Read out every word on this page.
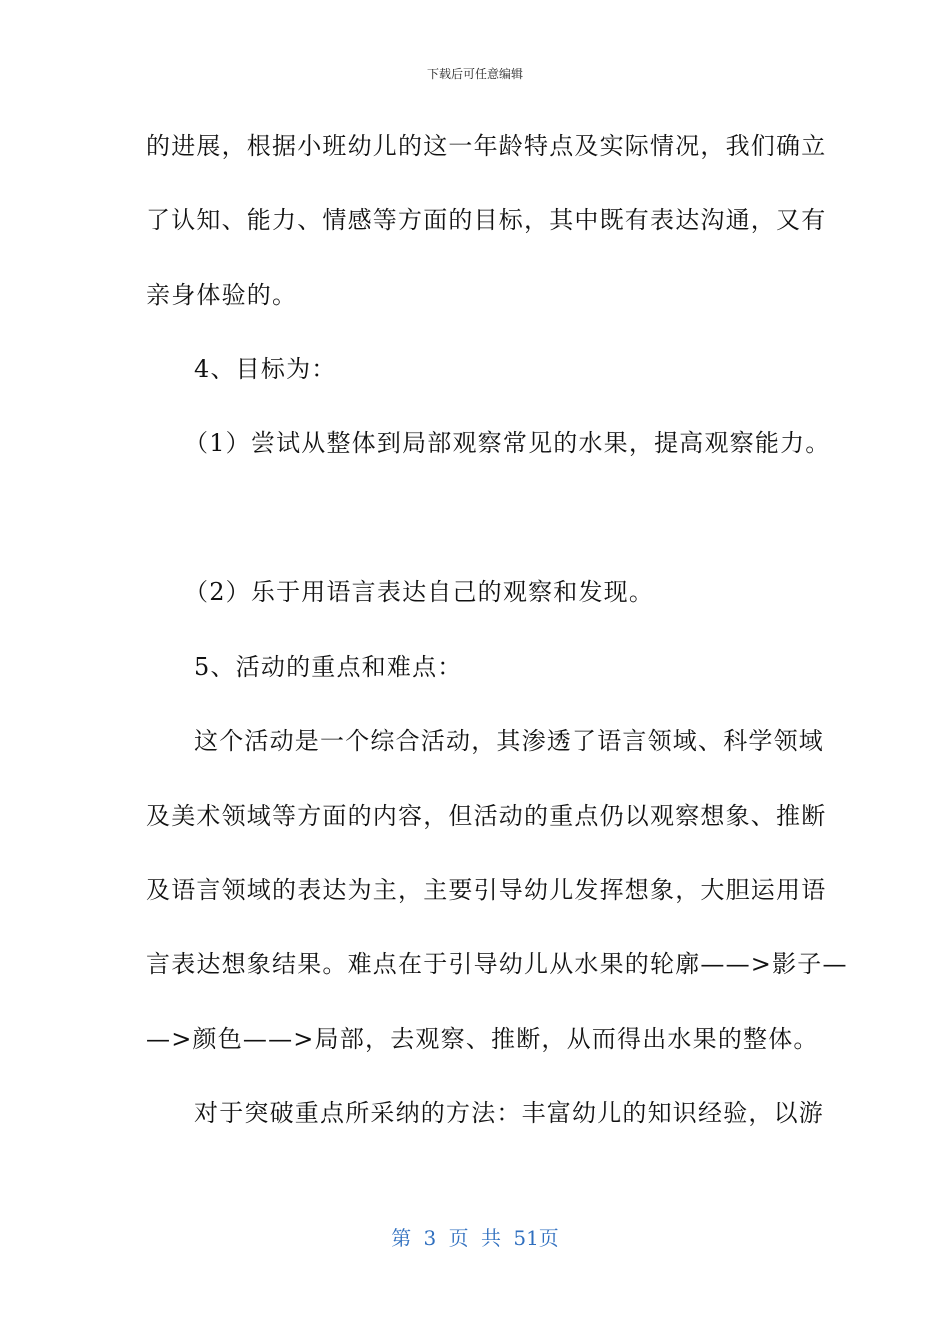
下载后可任意编辑
的进展，根据小班幼儿的这一年龄特点及实际情况，我们确立
了认知、能力、情感等方面的目标，其中既有表达沟通，又有
亲身体验的。
4、目标为：
（1）尝试从整体到局部观察常见的水果，提高观察能力。
（2）乐于用语言表达自己的观察和发现。
5、活动的重点和难点：
这个活动是一个综合活动，其渗透了语言领域、科学领域
及美术领域等方面的内容，但活动的重点仍以观察想象、推断
及语言领域的表达为主，主要引导幼儿发挥想象，大胆运用语
言表达想象结果。难点在于引导幼儿从水果的轮廓——>影子—
—>颜色——>局部，去观察、推断，从而得出水果的整体。
对于突破重点所采纳的方法：丰富幼儿的知识经验，以游
第 3 页 共 51页
